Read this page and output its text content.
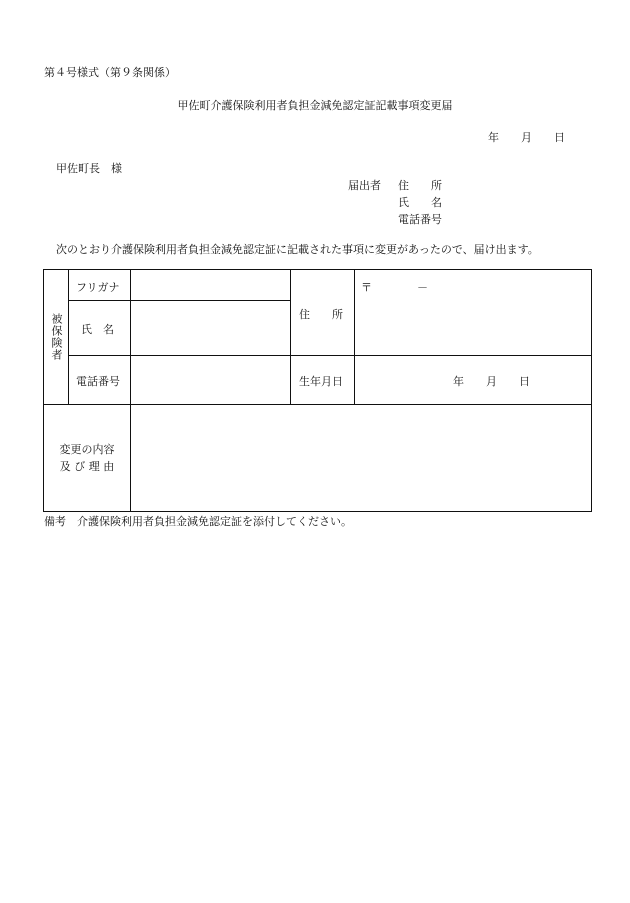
第４号様式（第９条関係）
甲佐町介護保険利用者負担金減免認定証記載事項変更届
年　　月　　日
甲佐町長　様
届出者 住　　所
氏　　名
電話番号
次のとおり介護保険利用者負担金減免認定証に記載された事項に変更があったので、届け出ます。
被保険者
フリガナ
氏　名
電話番号
住　　所
生年月日
〒	－
年　　月　　日
変更の内容
及 び 理 由
備考　介護保険利用者負担金減免認定証を添付してください。
